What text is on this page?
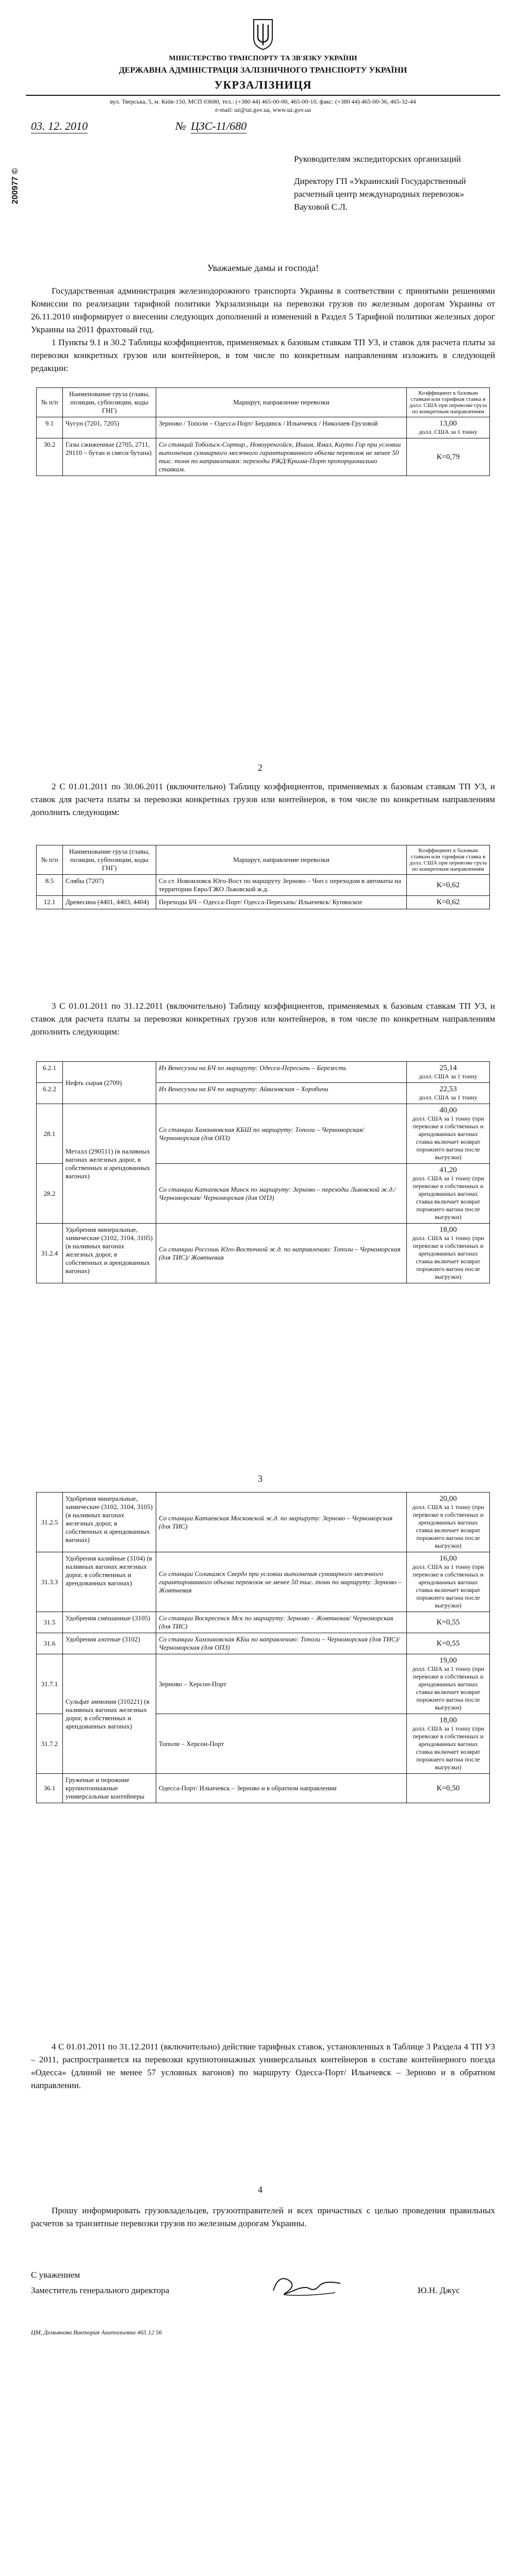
МІНІСТЕРСТВО ТРАНСПОРТУ ТА ЗВ'ЯЗКУ УКРАЇНИ
ДЕРЖАВНА АДМІНІСТРАЦІЯ ЗАЛІЗНИЧНОГО ТРАНСПОРТУ УКРАЇНИ
УКРЗАЛІЗНИЦЯ
вул. Тверська, 5, м. Київ-150, МСП 03680, тел.: (+380 44) 465-00-00, 465-00-10, факс: (+380 44) 465-00-36, 465-32-44
e-mail: uz@uz.gov.ua, www.uz.gov.ua
03. 12. 2010	№ ЦЗС-11/680
200977 ©
Руководителям экспедиторских организаций
Директору ГП «Украинский Государственный расчетный центр международных перевозок»
Вауховой С.Л.
Уважаемые дамы и господа!

Государственная администрация железнодорожного транспорта Украины в соответствии с принятыми решениями Комиссии по реализации тарифной политики Укрзализныци на перевозки грузов по железным дорогам Украины от 26.11.2010 информирует о внесении следующих дополнений и изменений в Раздел 5 Тарифной политики железных дорог Украины на 2011 фрахтовый год.

1 Пункты 9.1 и 30.2 Таблицы коэффициентов, применяемых к базовым ставкам ТП УЗ, и ставок для расчета платы за перевозки конкретных грузов или контейнеров, в том числе по конкретным направлениям изложить в следующей редакции:

№ п/п	Наименование груза (главы, позиции, субпозиции, коды ГНГ)	Маршрут, направление перевозки	Коэффициент к базовым ставкам или тарифная ставка в долл. США при перевозке груза по конкретным направлениям
9.1	Чугун (7201, 7205)	Зерново / Тополи – Одесса-Порт/ Бердянск / Ильичевск / Николаев-Грузовой	13,00
долл. США за 1 тонну
30.2	Газы сжиженные (2705, 2711, 29110 – бутан и смеси бутана)	Со станций Тобольск-Сортир., Новоуренгойск, Ишим, Ямал, Кауто Гор при условии выполнения суммарного месячного гарантированного объема перевозок не менее 50 тыс. тонн по направлениям: переходы РЖД/Крыма-Порт пропорционально ставкам.	К=0,79
2

2 С 01.01.2011 по 30.06.2011 (включительно) Таблицу коэффициентов, применяемых к базовым ставкам ТП УЗ, и ставок для расчета платы за перевозки конкретных грузов или контейнеров, в том числе по конкретным направлениям дополнить следующим:

№ п/п	Наименование груза (главы, позиции, субпозиции, коды ГНГ)	Маршрут, направление перевозки	Коэффициент к базовым ставкам или тарифная ставка в долл. США при перевозке груза по конкретным направлениям
8.5	Слябы (7207)	Со ст. Новоиловск Юго-Вост по маршруту Зерново – Чоп с переходом в автоматы на территории Евро/ГЖО Львовской ж.д.	К=0,62
12.1	Древесина (4401, 4403, 4404)	Переходы БЧ – Одесса-Порт/ Одесса-Пересыпь/ Ильичевск/ Купянское	К=0,62

3 С 01.01.2011 по 31.12.2011 (включительно) Таблицу коэффициентов, применяемых к базовым ставкам ТП УЗ, и ставок для расчета платы за перевозки конкретных грузов или контейнеров, в том числе по конкретным направлениям дополнить следующим:

6.2.1	Нефть сырая (2709)	Из Венесуэлы на БЧ по маршруту: Одесса-Пересыпь – Березесть	25,14
долл. США за 1 тонну
6.2.2		Из Венесуэлы на БЧ по маршруту: Айвазовская – Хоробичи	22,53
долл. США за 1 тонну
28.1	Металл (290511) (в наливных вагонах железных дорог, в собственных и арендованных вагонах)	Со станции Хамзиновская КБШ по маршруту: Тополи – Черноморская/ Черноморская (для ОПЗ)	40,00
долл. США за 1 тонну (при перевозке в собственных и арендованных вагонах ставка включает возврат порожнего вагона после выгрузки)
28.2		Со станции Катаевская Минск по маршруту: Зерново – переходы Львовской ж.д./ Черноморская/ Черноморская (для ОПЗ)	41,20
долл. США за 1 тонну (при перевозке в собственных и арендованных вагонах ставка включает возврат порожнего вагона после выгрузки)
31.2.4	Удобрения минеральные, химические (3102, 3104, 3105) (в наливных вагонах железных дорог, в собственных и арендованных вагонах)	Со станции Россошь Юго-Восточной ж.д. по направлению: Тополи – Черноморская (для ТИС)/ Жовтневая	18,00
долл. США за 1 тонну (при перевозке в собственных и арендованных вагонах ставка включает возврат порожнего вагона после выгрузки)
3
31.2.5	Удобрения минеральные, химические (3102, 3104, 3105) (в наливных вагонах железных дорог, в собственных и арендованных вагонах)	Со станции Катаевская Московской ж.д. по маршруту: Зерново – Черноморская (для ТИС)	20,00
долл. США за 1 тонну (при перевозке в собственных и арендованных вагонах ставка включает возврат порожнего вагона после выгрузки)
31.3.3	Удобрения калийные (3104) (в наливных вагонах железных дорог, в собственных и арендованных вагонах)	Со станции Соликамск Свердл при условии выполнения суммарного месячного гарантированного объема перевозок не менее 50 тыс. тонн по маршруту: Зерново – Жовтневая	16,00
долл. США за 1 тонну (при перевозке в собственных и арендованных вагонах ставка включает возврат порожнего вагона после выгрузки)
31.5	Удобрения смешанные (3105)	Со станции Воскресенск Мск по маршруту: Зерново – Жовтневая/ Черноморская (для ТИС)	К=0,55
31.6	Удобрения азотные (3102)	Со станции Хамзиновская КБш по направлению: Тополи – Черноморская (для ТИС)/ Черноморская (для ОПЗ)	К=0,55
31.7.1	Сульфат аммония (310221) (в наливных вагонах железных дорог, в собственных и арендованных вагонах)	Зерново – Херсон-Порт	19,00
долл. США за 1 тонну (при перевозке в собственных и арендованных вагонах ставка включает возврат порожнего вагона после выгрузки)
31.7.2		Тополи – Херсон-Порт	18,00
долл. США за 1 тонну (при перевозке в собственных и арендованных вагонах ставка включает возврат порожнего вагона после выгрузки)
36.1	Груженые и порожние крупнотоннажные универсальные контейнеры	Одесса-Порт/ Ильичевск – Зерново и в обратном направлении	К=0,50

4 С 01.01.2011 по 31.12.2011 (включительно) действие тарифных ставок, установленных в Таблице 3 Раздела 4 ТП УЗ – 2011, распространяется на перевозки крупнотоннажных универсальных контейнеров в составе контейнерного поезда «Одесса» (длиной не менее 57 условных вагонов) по маршруту Одесса-Порт/ Ильичевск – Зерново и в обратном направлении.

4

Прошу информировать грузовладельцев, грузоотправителей и всех причастных с целью проведения правильных расчетов за транзитные перевозки грузов по железным дорогам Украины.

С уважением
Заместитель генерального директора	Ю.Н. Джус
ЦМ, Демьянова Виктория Анатольевна 465 12 56
